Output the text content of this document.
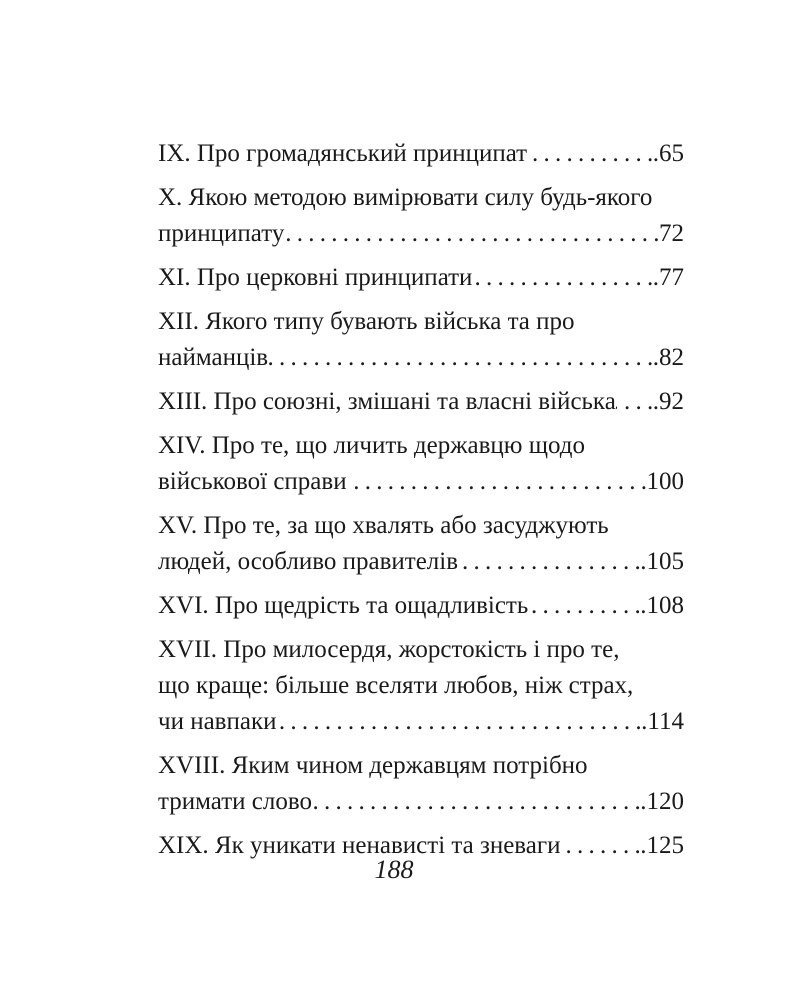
IX. Про громадянський принципат . . .	.65
X. Якою методою вимірювати силу будь-якого
принципату . . .	72
XI. Про церковні принципати . . .	.77
XII. Якого типу бувають війська та про
найманців . . .	.82
XIII. Про союзні, змішані та власні війська . . . .92
XIV. Про те, що личить державцю щодо
військової справи . . .	100
XV. Про те, за що хвалять або засуджують
людей, особливо правителів . . .	.105
XVI. Про щедрість та ощадливість . . .	.108
XVII. Про милосердя, жорстокість і про те,
що краще: більше вселяти любов, ніж страх,
чи навпаки . . .	.114
XVIII. Яким чином державцям потрібно
тримати слово . . .	.120
XIX. Як уникати ненависті та зневаги . . .	.125
188
